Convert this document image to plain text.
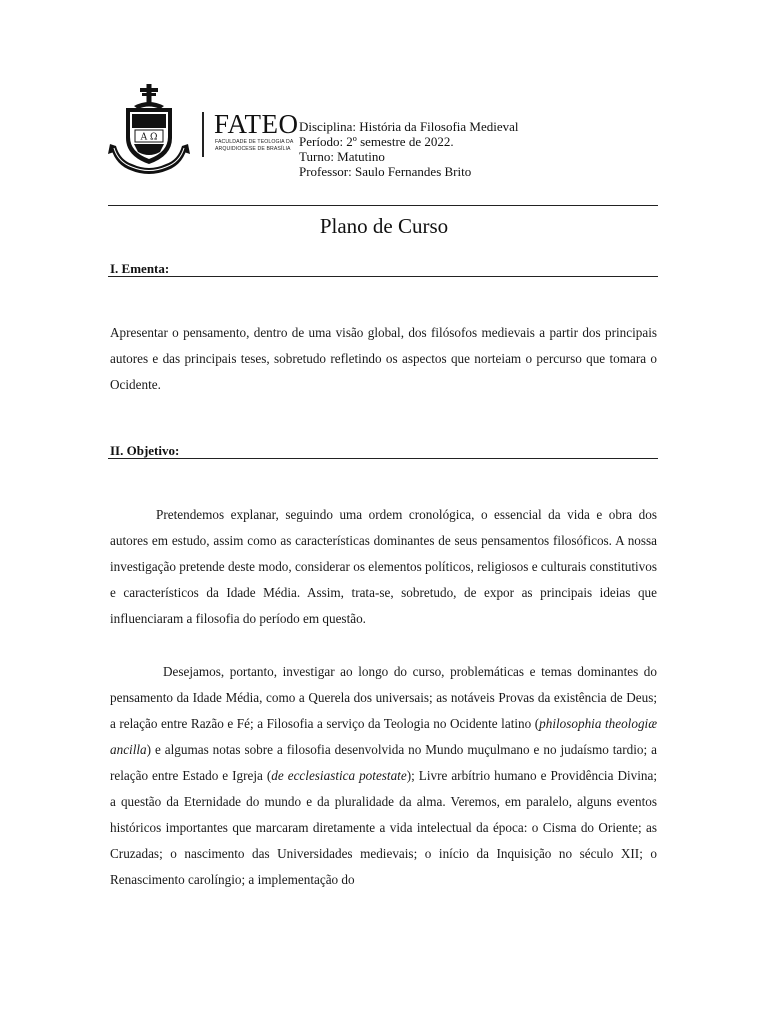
A Ω FATEO
FACULDADE DE TEOLOGIA DA
ARQUIDIOCESE DE BRASÍLIA
Disciplina: História da Filosofia Medieval
Período: 2º semestre de 2022.
Turno: Matutino
Professor: Saulo Fernandes Brito
Plano de Curso
I. Ementa:
Apresentar o pensamento, dentro de uma visão global, dos filósofos medievais a partir dos principais autores e das principais teses, sobretudo refletindo os aspectos que norteiam o percurso que tomara o Ocidente.
II. Objetivo:
Pretendemos explanar, seguindo uma ordem cronológica, o essencial da vida e obra dos autores em estudo, assim como as características dominantes de seus pensamentos filosóficos. A nossa investigação pretende deste modo, considerar os elementos políticos, religiosos e culturais constitutivos e característicos da Idade Média. Assim, trata-se, sobretudo, de expor as principais ideias que influenciaram a filosofia do período em questão.
Desejamos, portanto, investigar ao longo do curso, problemáticas e temas dominantes do pensamento da Idade Média, como a Querela dos universais; as notáveis Provas da existência de Deus; a relação entre Razão e Fé; a Filosofia a serviço da Teologia no Ocidente latino (philosophia theologiæ ancilla) e algumas notas sobre a filosofia desenvolvida no Mundo muçulmano e no judaísmo tardio; a relação entre Estado e Igreja (de ecclesiastica potestate); Livre arbítrio humano e Providência Divina; a questão da Eternidade do mundo e da pluralidade da alma. Veremos, em paralelo, alguns eventos históricos importantes que marcaram diretamente a vida intelectual da época: o Cisma do Oriente; as Cruzadas; o nascimento das Universidades medievais; o início da Inquisição no século XII; o Renascimento carolíngio; a implementação do
